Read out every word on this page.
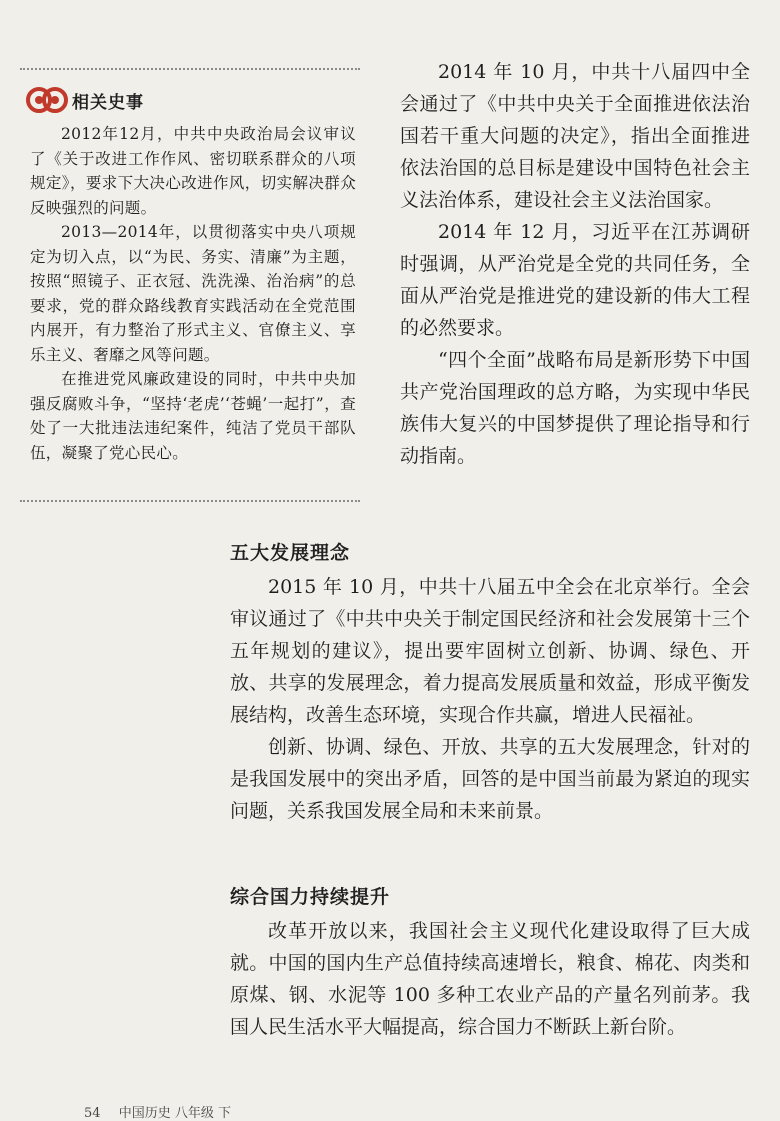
相关史事

2012年12月，中共中央政治局会议审议了《关于改进工作作风、密切联系群众的八项规定》，要求下大决心改进作风，切实解决群众反映强烈的问题。

2013—2014年，以贯彻落实中央八项规定为切入点，以“为民、务实、清廉”为主题，按照“照镜子、正衣冠、洗洗澡、治治病”的总要求，党的群众路线教育实践活动在全党范围内展开，有力整治了形式主义、官僚主义、享乐主义、奢靡之风等问题。

在推进党风廉政建设的同时，中共中央加强反腐败斗争，“坚持‘老虎’‘苍蝇’一起打”，查处了一大批违法违纪案件，纯洁了党员干部队伍，凝聚了党心民心。

2014 年 10 月，中共十八届四中全会通过了《中共中央关于全面推进依法治国若干重大问题的决定》，指出全面推进依法治国的总目标是建设中国特色社会主义法治体系，建设社会主义法治国家。

2014 年 12 月，习近平在江苏调研时强调，从严治党是全党的共同任务，全面从严治党是推进党的建设新的伟大工程的必然要求。

“四个全面”战略布局是新形势下中国共产党治国理政的总方略，为实现中华民族伟大复兴的中国梦提供了理论指导和行动指南。

五大发展理念

2015 年 10 月，中共十八届五中全会在北京举行。全会审议通过了《中共中央关于制定国民经济和社会发展第十三个五年规划的建议》，提出要牢固树立创新、协调、绿色、开放、共享的发展理念，着力提高发展质量和效益，形成平衡发展结构，改善生态环境，实现合作共赢，增进人民福祉。

创新、协调、绿色、开放、共享的五大发展理念，针对的是我国发展中的突出矛盾，回答的是中国当前最为紧迫的现实问题，关系我国发展全局和未来前景。

综合国力持续提升

改革开放以来，我国社会主义现代化建设取得了巨大成就。中国的国内生产总值持续高速增长，粮食、棉花、肉类和原煤、钢、水泥等 100 多种工农业产品的产量名列前茅。我国人民生活水平大幅提高，综合国力不断跃上新台阶。

54 中国历史 八年级 下
